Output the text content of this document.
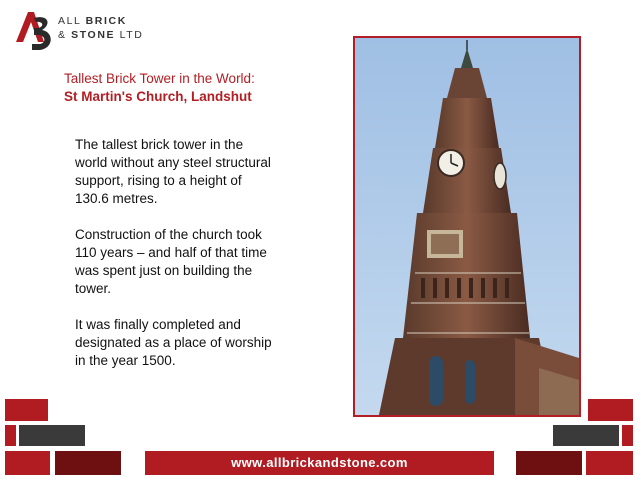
ALL BRICK
& STONE LTD
Tallest Brick Tower in the World:
St Martin's Church, Landshut

The tallest brick tower in the world without any steel structural support, rising to a height of 130.6 metres.

Construction of the church took 110 years – and half of that time was spent just on building the tower.

It was finally completed and designated as a place of worship in the year 1500.

www.allbrickandstone.com
